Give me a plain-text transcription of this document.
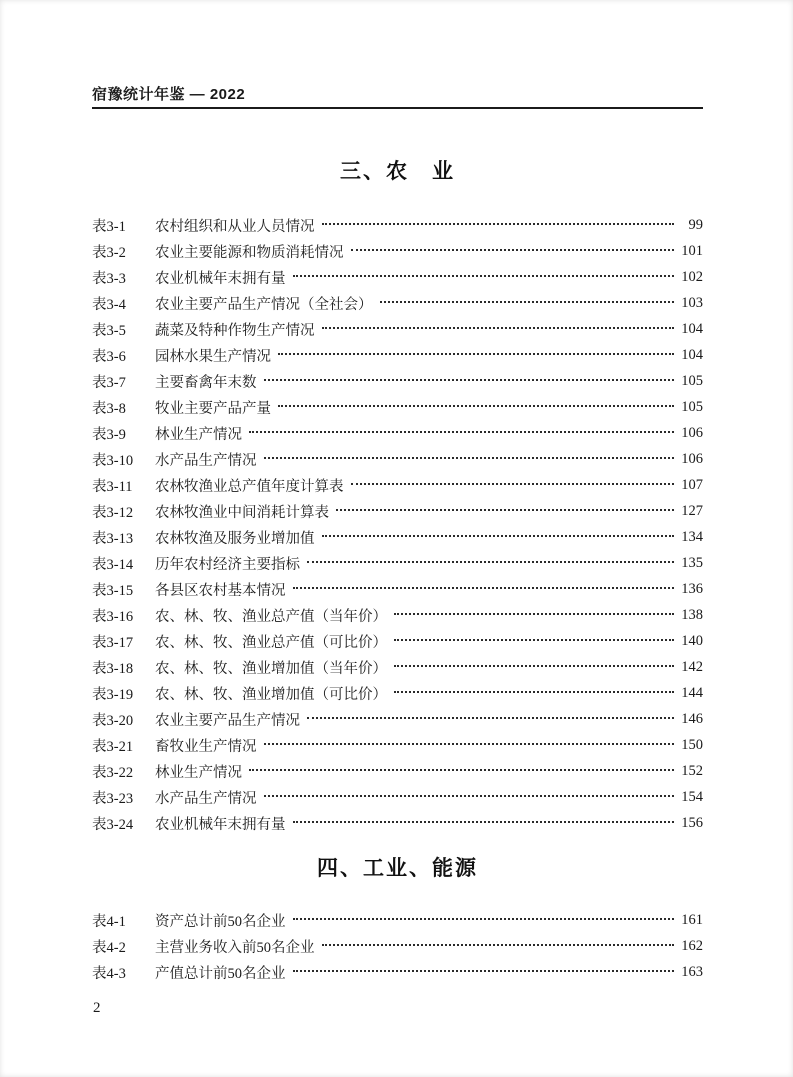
宿豫统计年鉴 — 2022
三、农　业
表3-1	农村组织和从业人员情况	99
表3-2	农业主要能源和物质消耗情况	101
表3-3	农业机械年末拥有量	102
表3-4	农业主要产品生产情况（全社会）	103
表3-5	蔬菜及特种作物生产情况	104
表3-6	园林水果生产情况	104
表3-7	主要畜禽年末数	105
表3-8	牧业主要产品产量	105
表3-9	林业生产情况	106
表3-10	水产品生产情况	106
表3-11	农林牧渔业总产值年度计算表	107
表3-12	农林牧渔业中间消耗计算表	127
表3-13	农林牧渔及服务业增加值	134
表3-14	历年农村经济主要指标	135
表3-15	各县区农村基本情况	136
表3-16	农、林、牧、渔业总产值（当年价）	138
表3-17	农、林、牧、渔业总产值（可比价）	140
表3-18	农、林、牧、渔业增加值（当年价）	142
表3-19	农、林、牧、渔业增加值（可比价）	144
表3-20	农业主要产品生产情况	146
表3-21	畜牧业生产情况	150
表3-22	林业生产情况	152
表3-23	水产品生产情况	154
表3-24	农业机械年末拥有量	156
四、工业、能源
表4-1	资产总计前50名企业	161
表4-2	主营业务收入前50名企业	162
表4-3	产值总计前50名企业	163
2
